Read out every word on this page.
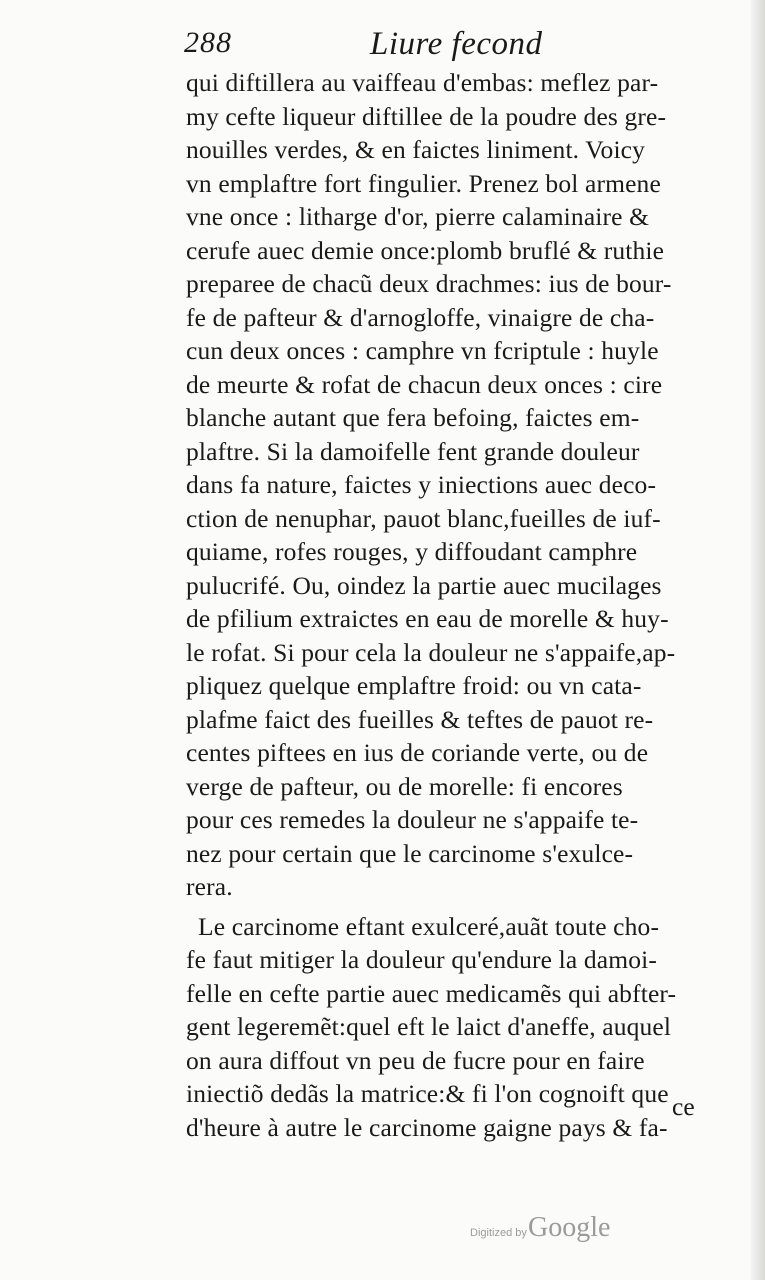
288	Liure fecond
qui diftillera au vaiffeau d'embas: meflez par-
my cefte liqueur diftillee de la poudre des gre-
nouilles verdes, & en faictes liniment. Voicy
vn emplaftre fort fingulier. Prenez bol armene
vne once : litharge d'or, pierre calaminaire &
cerufe auec demie once:plomb bruflé & ruthie
preparee de chacũ deux drachmes: ius de bour-
fe de pafteur & d'arnogloffe, vinaigre de cha-
cun deux onces : camphre vn fcriptule : huyle
de meurte & rofat de chacun deux onces : cire
blanche autant que fera befoing, faictes em-
plaftre. Si la damoifelle fent grande douleur
dans fa nature, faictes y iniections auec deco-
ction de nenuphar, pauot blanc,fueilles de iuf-
quiame, rofes rouges, y diffoudant camphre
pulucrifé. Ou, oindez la partie auec mucilages
de pfilium extraictes en eau de morelle & huy-
le rofat. Si pour cela la douleur ne s'appaife,ap-
pliquez quelque emplaftre froid: ou vn cata-
plafme faict des fueilles & teftes de pauot re-
centes piftees en ius de coriande verte, ou de
verge de pafteur, ou de morelle: fi encores
pour ces remedes la douleur ne s'appaife te-
nez pour certain que le carcinome s'exulce-
rera.
Le carcinome eftant exulceré,auãt toute cho-
fe faut mitiger la douleur qu'endure la damoi-
felle en cefte partie auec medicamẽs qui abfter-
gent legeremẽt:quel eft le laict d'aneffe, auquel
on aura diffout vn peu de fucre pour en faire
iniectiõ dedãs la matrice:& fi l'on cognoift que
d'heure à autre le carcinome gaigne pays & fa-
ce
Digitized by Google
